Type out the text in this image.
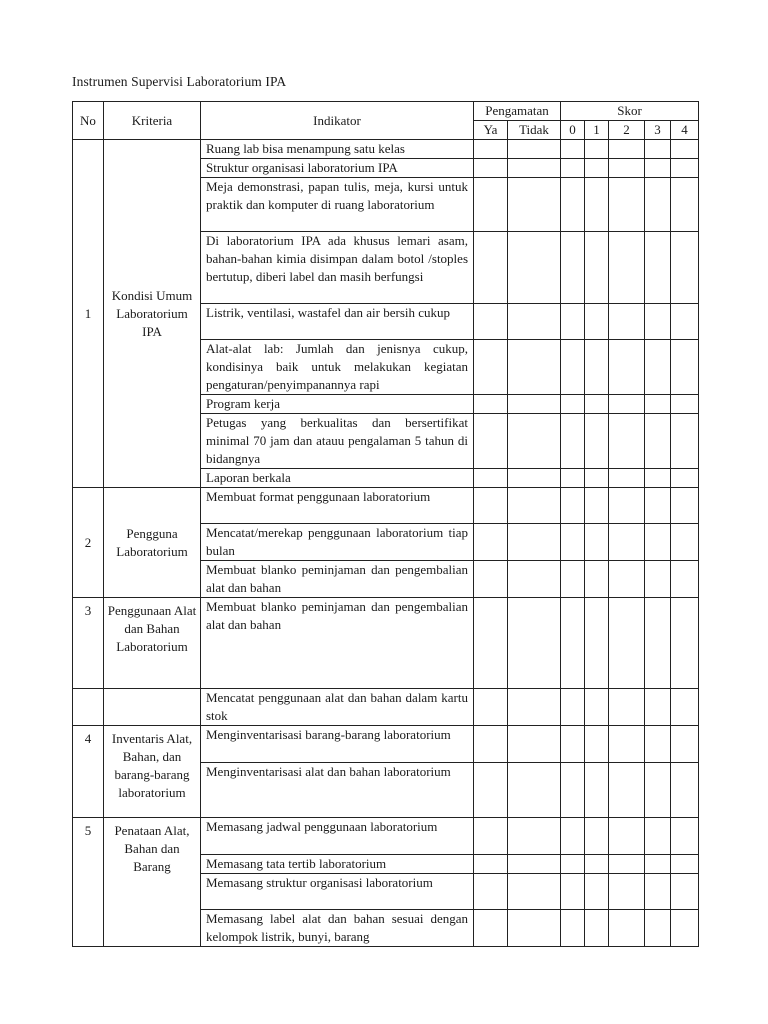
Instrumen Supervisi Laboratorium IPA
No	Kriteria	Indikator	Pengamatan		Skor				
			Ya	Tidak	0	1	2	3	4
1	Kondisi Umum Laboratorium IPA	Ruang lab bisa menampung satu kelas							
		Struktur organisasi laboratorium IPA							
		Meja demonstrasi, papan tulis, meja, kursi untuk praktik dan komputer di ruang laboratorium							
		Di laboratorium IPA ada khusus lemari asam, bahan-bahan kimia disimpan dalam botol /stoples bertutup, diberi label dan masih berfungsi							
		Listrik, ventilasi, wastafel dan air bersih cukup							
		Alat-alat lab: Jumlah dan jenisnya cukup, kondisinya baik untuk melakukan kegiatan pengaturan/penyimpanannya rapi							
		Program kerja							
		Petugas yang berkualitas dan bersertifikat minimal 70 jam dan atauu pengalaman 5 tahun di bidangnya							
		Laporan berkala							
2	Pengguna Laboratorium	Membuat format penggunaan laboratorium							
		Mencatat/merekap penggunaan laboratorium tiap bulan							
		Membuat blanko peminjaman dan pengembalian alat dan bahan							
3	Penggunaan Alat dan Bahan Laboratorium	Membuat blanko peminjaman dan pengembalian alat dan bahan							
		Mencatat penggunaan alat dan bahan dalam kartu stok							
4	Inventaris Alat, Bahan, dan barang-barang laboratorium	Menginventarisasi barang-barang laboratorium							
		Menginventarisasi alat dan bahan laboratorium							
5	Penataan Alat, Bahan dan Barang	Memasang jadwal penggunaan laboratorium							
		Memasang tata tertib laboratorium							
		Memasang struktur organisasi laboratorium							
		Memasang label alat dan bahan sesuai dengan kelompok listrik, bunyi, barang							
